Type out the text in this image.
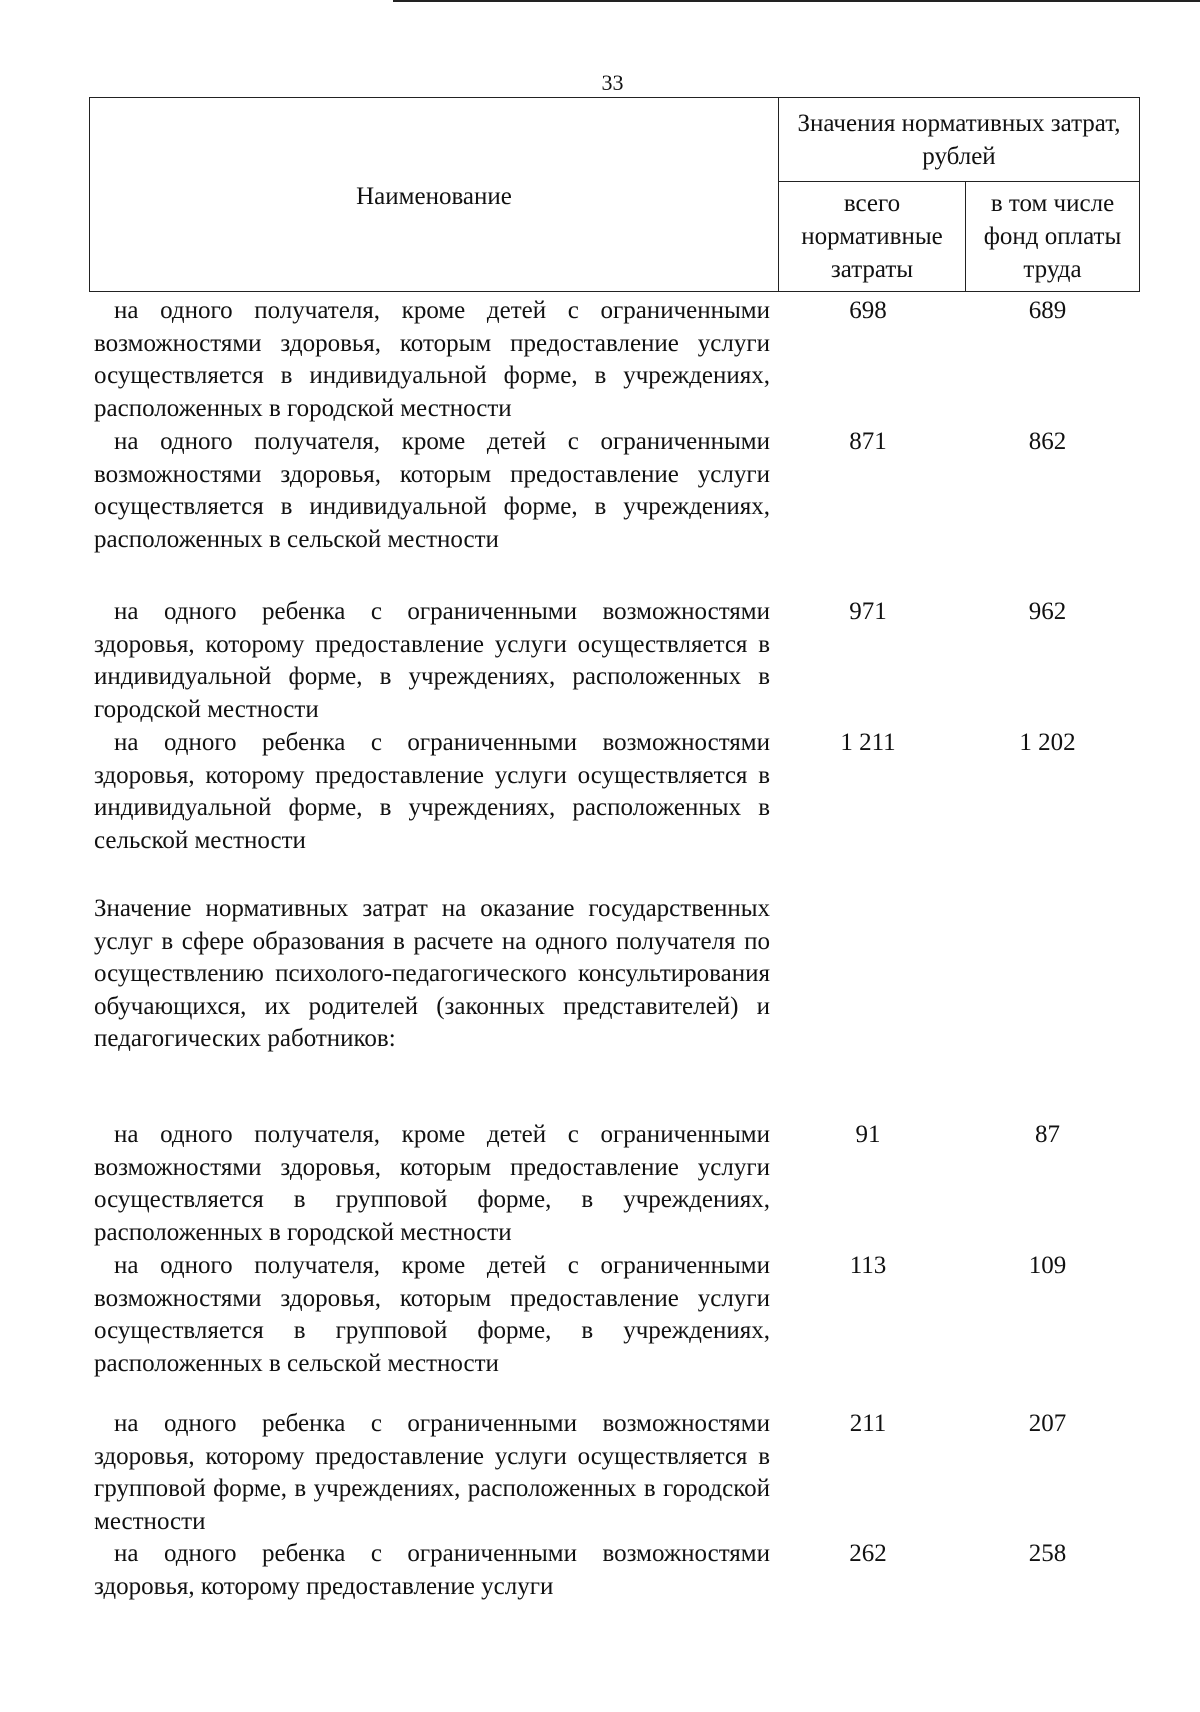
33
Наименование
Значения нормативных затрат, рублей
всего нормативные затраты
в том числе фонд оплаты труда
на одного получателя, кроме детей с ограниченными возможностями здоровья, которым предоставление услуги осуществляется в индивидуальной форме, в учреждениях, расположенных в городской местности
698	689
на одного получателя, кроме детей с ограниченными возможностями здоровья, которым предоставление услуги осуществляется в индивидуальной форме, в учреждениях, расположенных в сельской местности
871	862
на одного ребенка с ограниченными возможностями здоровья, которому предоставление услуги осуществляется в индивидуальной форме, в учреждениях, расположенных в городской местности
971	962
на одного ребенка с ограниченными возможностями здоровья, которому предоставление услуги осуществляется в индивидуальной форме, в учреждениях, расположенных в сельской местности
1 211	1 202
Значение нормативных затрат на оказание государственных услуг в сфере образования в расчете на одного получателя по осуществлению психолого-педагогического консультирования обучающихся, их родителей (законных представителей) и педагогических работников:
на одного получателя, кроме детей с ограниченными возможностями здоровья, которым предоставление услуги осуществляется в групповой форме, в учреждениях, расположенных в городской местности
91	87
на одного получателя, кроме детей с ограниченными возможностями здоровья, которым предоставление услуги осуществляется в групповой форме, в учреждениях, расположенных в сельской местности
113	109
на одного ребенка с ограниченными возможностями здоровья, которому предоставление услуги осуществляется в групповой форме, в учреждениях, расположенных в городской местности
211	207
на одного ребенка с ограниченными возможностями здоровья, которому предоставление услуги
262	258
